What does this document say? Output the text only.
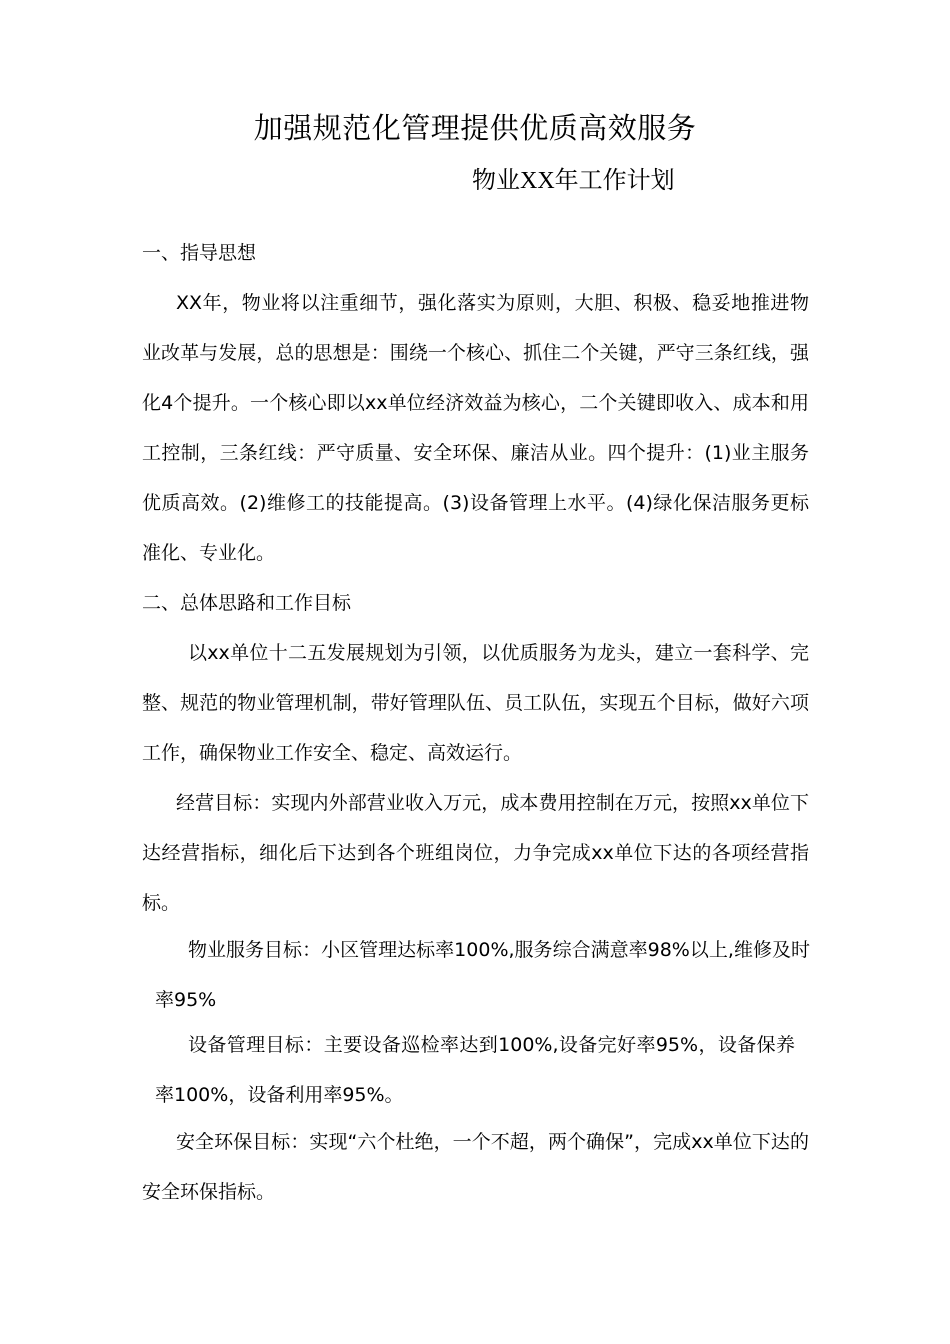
加强规范化管理提供优质高效服务
物业XX年工作计划
一、指导思想

XX年，物业将以注重细节，强化落实为原则，大胆、积极、稳妥地推进物业改革与发展，总的思想是：围绕一个核心、抓住二个关键，严守三条红线，强化4个提升。一个核心即以xx单位经济效益为核心，二个关键即收入、成本和用工控制，三条红线：严守质量、安全环保、廉洁从业。四个提升：(1)业主服务优质高效。(2)维修工的技能提高。(3)设备管理上水平。(4)绿化保洁服务更标准化、专业化。

二、总体思路和工作目标

以xx单位十二五发展规划为引领，以优质服务为龙头，建立一套科学、完整、规范的物业管理机制，带好管理队伍、员工队伍，实现五个目标，做好六项工作，确保物业工作安全、稳定、高效运行。

经营目标：实现内外部营业收入万元，成本费用控制在万元，按照xx单位下达经营指标，细化后下达到各个班组岗位，力争完成xx单位下达的各项经营指标。

物业服务目标：小区管理达标率100%,服务综合满意率98%以上,维修及时率95%

设备管理目标：主要设备巡检率达到100%,设备完好率95%，设备保养率100%，设备利用率95%。

安全环保目标：实现“六个杜绝，一个不超，两个确保”，完成xx单位下达的安全环保指标。
